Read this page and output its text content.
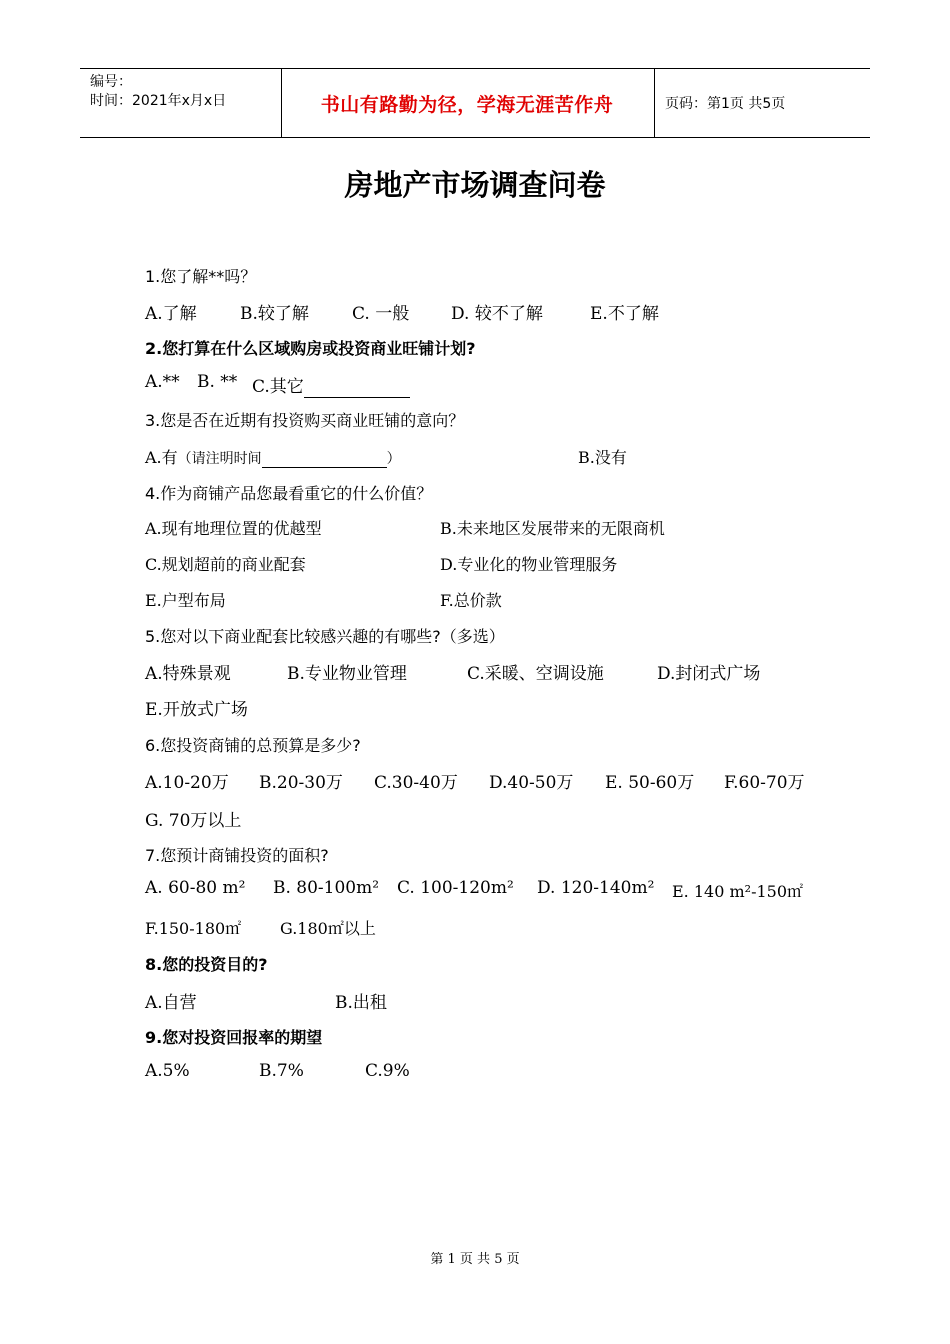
编号：
时间：2021年x月x日	书山有路勤为径，学海无涯苦作舟	页码：第1页 共5页
房地产市场调查问卷
1.您了解**吗？
A.了解	B.较了解	C. 一般 D. 较不了解	E.不了解
2.您打算在什么区域购房或投资商业旺铺计划?
A.** B. ** C.其它
3.您是否在近期有投资购买商业旺铺的意向？
A.有（请注明时间	）	B.没有
4.作为商铺产品您最看重它的什么价值？
A.现有地理位置的优越型	B.未来地区发展带来的无限商机
C.规划超前的商业配套	D.专业化的物业管理服务
E.户型布局	F.总价款
5.您对以下商业配套比较感兴趣的有哪些?（多选）
A.特殊景观	B.专业物业管理	C.采暖、空调设施	D.封闭式广场
E.开放式广场
6.您投资商铺的总预算是多少?
A.10-20万 B.20-30万 C.30-40万 D.40-50万 E. 50-60万 F.60-70万
G. 70万以上
7.您预计商铺投资的面积?
A. 60-80 m² B. 80-100m² C. 100-120m² D. 120-140m² E. 140 m²-150㎡
F.150-180㎡ G.180㎡以上
8.您的投资目的?
A.自营	B.出租
9.您对投资回报率的期望
A.5%	B.7%	C.9%
第 1 页 共 5 页
